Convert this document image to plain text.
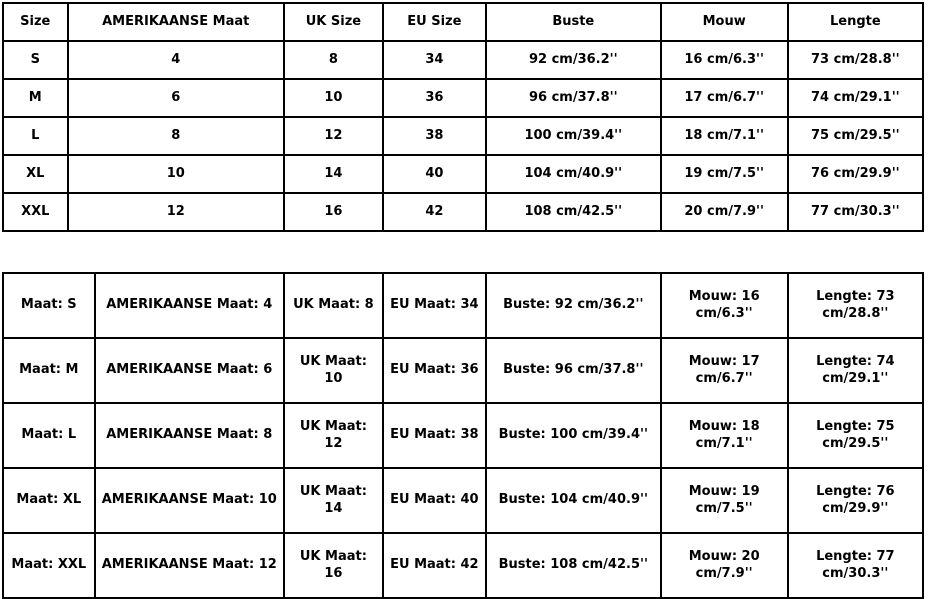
Size	AMERIKAANSE Maat	UK Size	EU Size	Buste	Mouw	Lengte
S	4	8	34	92 cm/36.2''	16 cm/6.3''	73 cm/28.8''
M	6	10	36	96 cm/37.8''	17 cm/6.7''	74 cm/29.1''
L	8	12	38	100 cm/39.4''	18 cm/7.1''	75 cm/29.5''
XL	10	14	40	104 cm/40.9''	19 cm/7.5''	76 cm/29.9''
XXL	12	16	42	108 cm/42.5''	20 cm/7.9''	77 cm/30.3''
Maat: S	AMERIKAANSE Maat: 4	UK Maat: 8	EU Maat: 34	Buste: 92 cm/36.2''	Mouw: 16 cm/6.3''	Lengte: 73 cm/28.8''
Maat: M	AMERIKAANSE Maat: 6	UK Maat: 10	EU Maat: 36	Buste: 96 cm/37.8''	Mouw: 17 cm/6.7''	Lengte: 74 cm/29.1''
Maat: L	AMERIKAANSE Maat: 8	UK Maat: 12	EU Maat: 38	Buste: 100 cm/39.4''	Mouw: 18 cm/7.1''	Lengte: 75 cm/29.5''
Maat: XL	AMERIKAANSE Maat: 10	UK Maat: 14	EU Maat: 40	Buste: 104 cm/40.9''	Mouw: 19 cm/7.5''	Lengte: 76 cm/29.9''
Maat: XXL	AMERIKAANSE Maat: 12	UK Maat: 16	EU Maat: 42	Buste: 108 cm/42.5''	Mouw: 20 cm/7.9''	Lengte: 77 cm/30.3''
